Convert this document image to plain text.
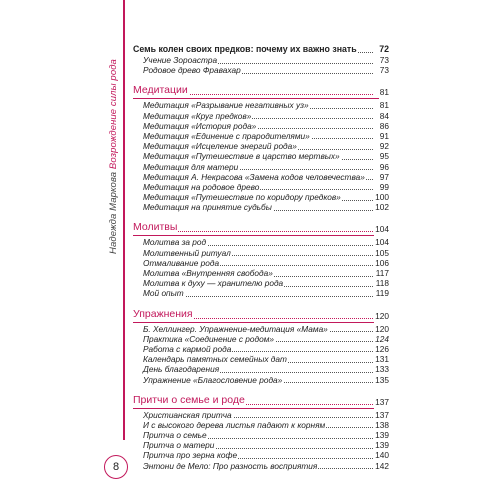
Надежда Маркова Возрождение силы рода
8
Семь колен своих предков: почему их важно знать	72
Учение Зороастра	73
Родовое древо Фравахар	73
Медитации	81
Медитация «Разрывание негативных уз»	81
Медитация «Круг предков»	84
Медитация «История рода»	86
Медитация «Единение с прародителями»	91
Медитация «Исцеление энергий рода»	92
Медитация «Путешествие в царство мертвых»	95
Медитация для матери	96
Медитация А. Некрасова «Замена кодов человечества» 97
Медитация на родовое древо	99
Медитация «Путешествие по коридору предков»	100
Медитация на принятие судьбы	102
Молитвы	104
Молитва за род	104
Молитвенный ритуал	105
Отмаливание рода	106
Молитва «Внутренняя свобода»	117
Молитва к духу — хранителю рода	118
Мой опыт	119
Упражнения	120
Б. Хеллингер. Упражнение-медитация «Мама»	120
Практика «Соединение с родом»	124
Работа с кармой рода	126
Календарь памятных семейных дат	131
День благодарения	133
Упражнение «Благословение рода»	135
Притчи о семье и роде	137
Христианская притча	137
И с высокого дерева листья падают к корням	138
Притча о семье	139
Притча о матери	139
Притча про зерна кофе	140
Энтони де Мело: Про разность восприятия	142
